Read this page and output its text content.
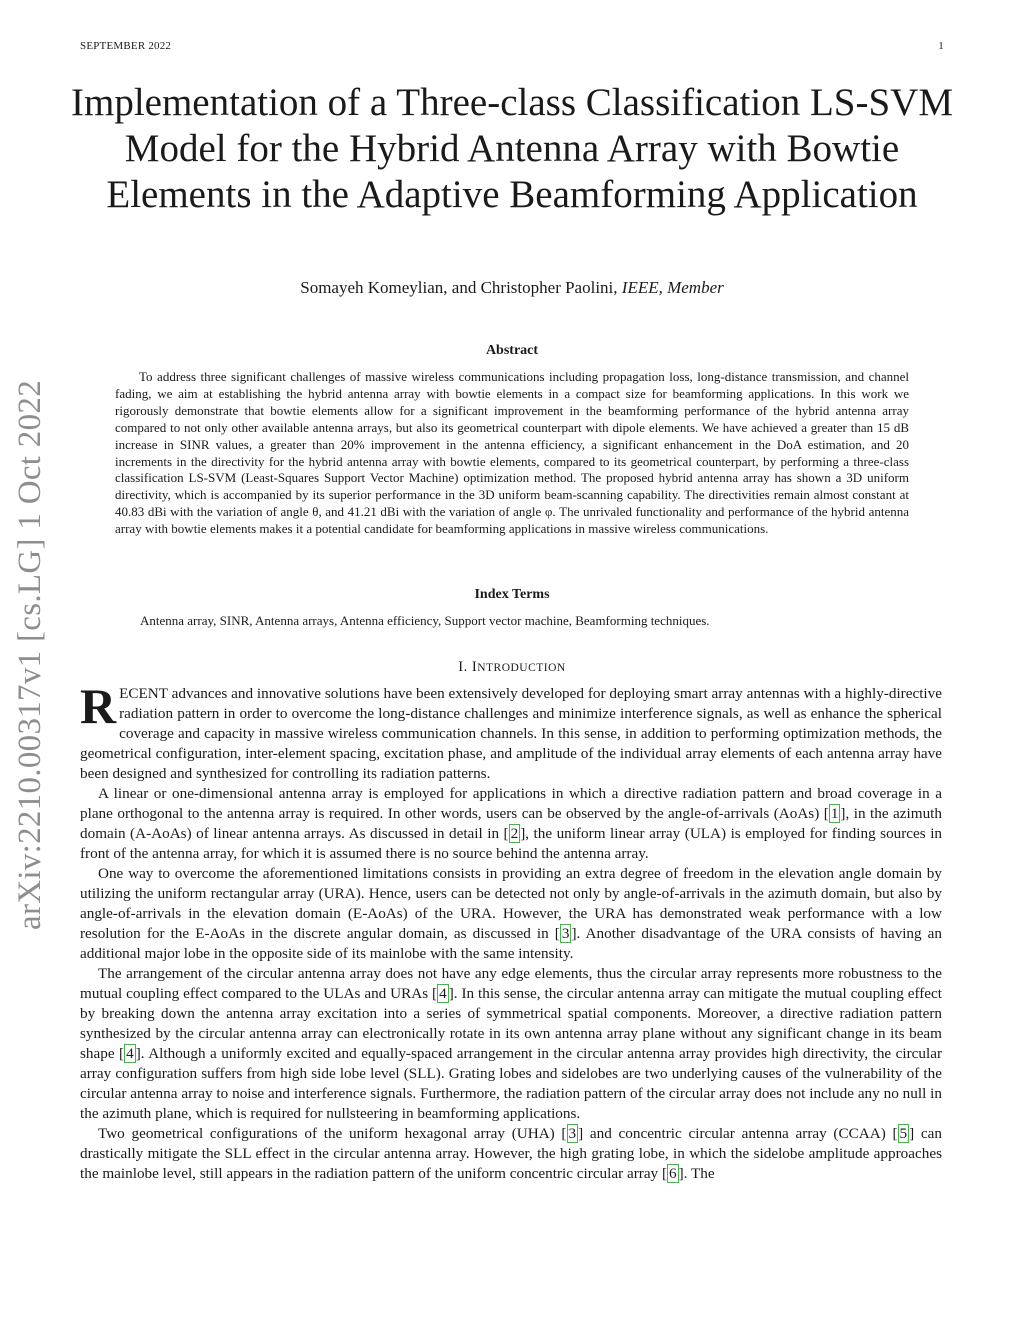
SEPTEMBER 2022	1
Implementation of a Three-class Classification LS-SVM Model for the Hybrid Antenna Array with Bowtie Elements in the Adaptive Beamforming Application
Somayeh Komeylian, and Christopher Paolini, IEEE, Member
Abstract

To address three significant challenges of massive wireless communications including propagation loss, long-distance transmission, and channel fading, we aim at establishing the hybrid antenna array with bowtie elements in a compact size for beamforming applications. In this work we rigorously demonstrate that bowtie elements allow for a significant improvement in the beamforming performance of the hybrid antenna array compared to not only other available antenna arrays, but also its geometrical counterpart with dipole elements. We have achieved a greater than 15 dB increase in SINR values, a greater than 20% improvement in the antenna efficiency, a significant enhancement in the DoA estimation, and 20 increments in the directivity for the hybrid antenna array with bowtie elements, compared to its geometrical counterpart, by performing a three-class classification LS-SVM (Least-Squares Support Vector Machine) optimization method. The proposed hybrid antenna array has shown a 3D uniform directivity, which is accompanied by its superior performance in the 3D uniform beam-scanning capability. The directivities remain almost constant at 40.83 dBi with the variation of angle θ, and 41.21 dBi with the variation of angle φ. The unrivaled functionality and performance of the hybrid antenna array with bowtie elements makes it a potential candidate for beamforming applications in massive wireless communications.

Index Terms
Antenna array, SINR, Antenna arrays, Antenna efficiency, Support vector machine, Beamforming techniques.
I. INTRODUCTION

RECENT advances and innovative solutions have been extensively developed for deploying smart array antennas with a highly-directive radiation pattern in order to overcome the long-distance challenges and minimize interference signals, as well as enhance the spherical coverage and capacity in massive wireless communication channels. In this sense, in addition to performing optimization methods, the geometrical configuration, inter-element spacing, excitation phase, and amplitude of the individual array elements of each antenna array have been designed and synthesized for controlling its radiation patterns.

A linear or one-dimensional antenna array is employed for applications in which a directive radiation pattern and broad coverage in a plane orthogonal to the antenna array is required. In other words, users can be observed by the angle-of-arrivals (AoAs) [ 1 ], in the azimuth domain (A-AoAs) of linear antenna arrays. As discussed in detail in [ 2 ], the uniform linear array (ULA) is employed for finding sources in front of the antenna array, for which it is assumed there is no source behind the antenna array.

One way to overcome the aforementioned limitations consists in providing an extra degree of freedom in the elevation angle domain by utilizing the uniform rectangular array (URA). Hence, users can be detected not only by angle-of-arrivals in the azimuth domain, but also by angle-of-arrivals in the elevation domain (E-AoAs) of the URA. However, the URA has demonstrated weak performance with a low resolution for the E-AoAs in the discrete angular domain, as discussed in [ 3 ]. Another disadvantage of the URA consists of having an additional major lobe in the opposite side of its mainlobe with the same intensity.

The arrangement of the circular antenna array does not have any edge elements, thus the circular array represents more robustness to the mutual coupling effect compared to the ULAs and URAs [ 4 ]. In this sense, the circular antenna array can mitigate the mutual coupling effect by breaking down the antenna array excitation into a series of symmetrical spatial components. Moreover, a directive radiation pattern synthesized by the circular antenna array can electronically rotate in its own antenna array plane without any significant change in its beam shape [ 4 ]. Although a uniformly excited and equally-spaced arrangement in the circular antenna array provides high directivity, the circular array configuration suffers from high side lobe level (SLL). Grating lobes and sidelobes are two underlying causes of the vulnerability of the circular antenna array to noise and interference signals. Furthermore, the radiation pattern of the circular array does not include any no null in the azimuth plane, which is required for nullsteering in beamforming applications.

Two geometrical configurations of the uniform hexagonal array (UHA) [ 3 ] and concentric circular antenna array (CCAA) [ 5 ] can drastically mitigate the SLL effect in the circular antenna array. However, the high grating lobe, in which the sidelobe amplitude approaches the mainlobe level, still appears in the radiation pattern of the uniform concentric circular array [ 6 ]. The

arXiv:2210.00317v1 [cs.LG] 1 Oct 2022
